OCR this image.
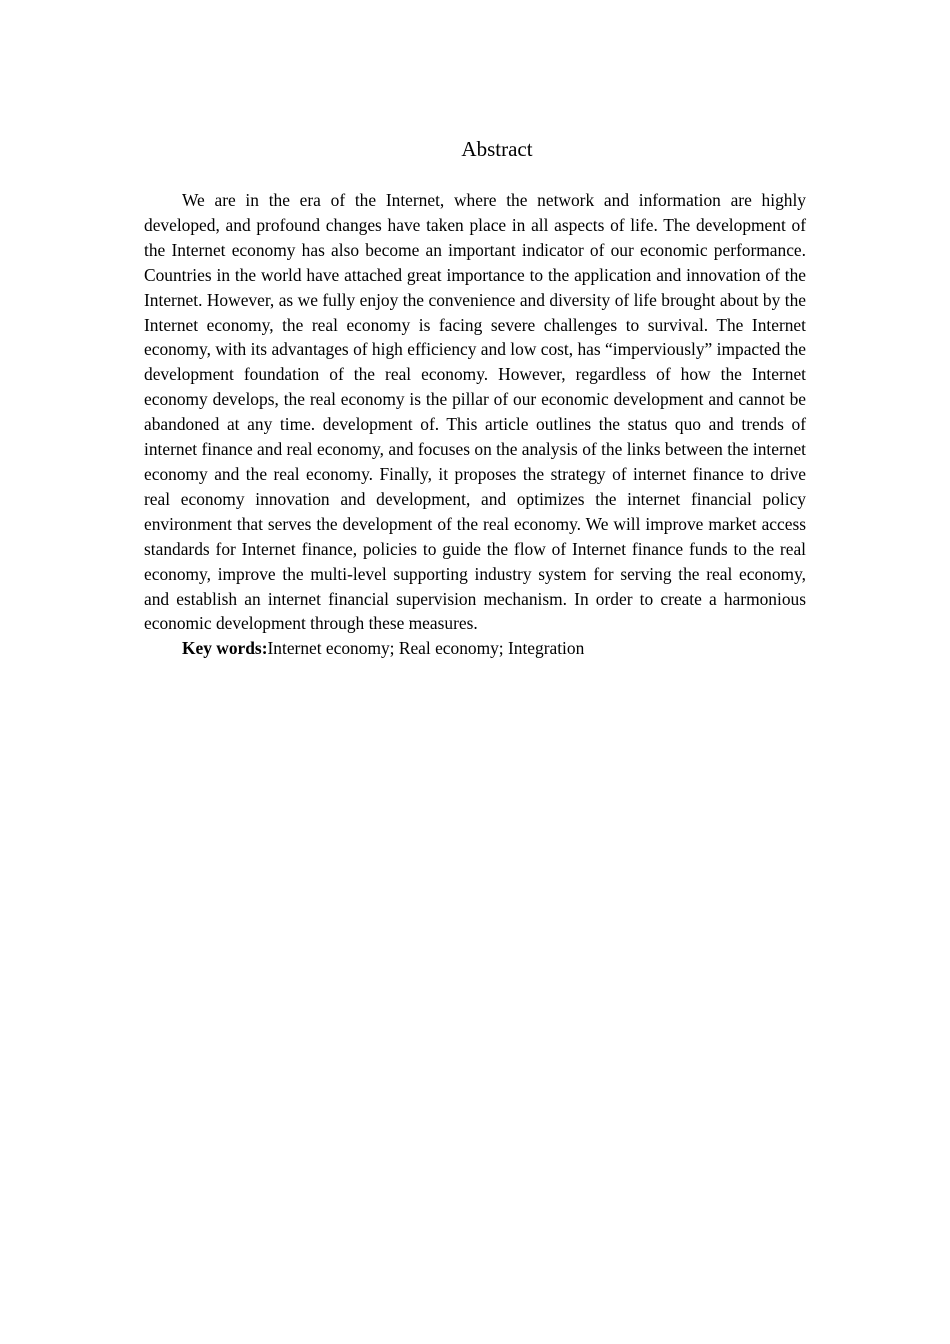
Abstract

We are in the era of the Internet, where the network and information are highly developed, and profound changes have taken place in all aspects of life. The development of the Internet economy has also become an important indicator of our economic performance. Countries in the world have attached great importance to the application and innovation of the Internet. However, as we fully enjoy the convenience and diversity of life brought about by the Internet economy, the real economy is facing severe challenges to survival. The Internet economy, with its advantages of high efficiency and low cost, has “imperviously” impacted the development foundation of the real economy. However, regardless of how the Internet economy develops, the real economy is the pillar of our economic development and cannot be abandoned at any time. development of. This article outlines the status quo and trends of internet finance and real economy, and focuses on the analysis of the links between the internet economy and the real economy. Finally, it proposes the strategy of internet finance to drive real economy innovation and development, and optimizes the internet financial policy environment that serves the development of the real economy. We will improve market access standards for Internet finance, policies to guide the flow of Internet finance funds to the real economy, improve the multi-level supporting industry system for serving the real economy, and establish an internet financial supervision mechanism. In order to create a harmonious economic development through these measures.

Key words:Internet economy; Real economy; Integration
